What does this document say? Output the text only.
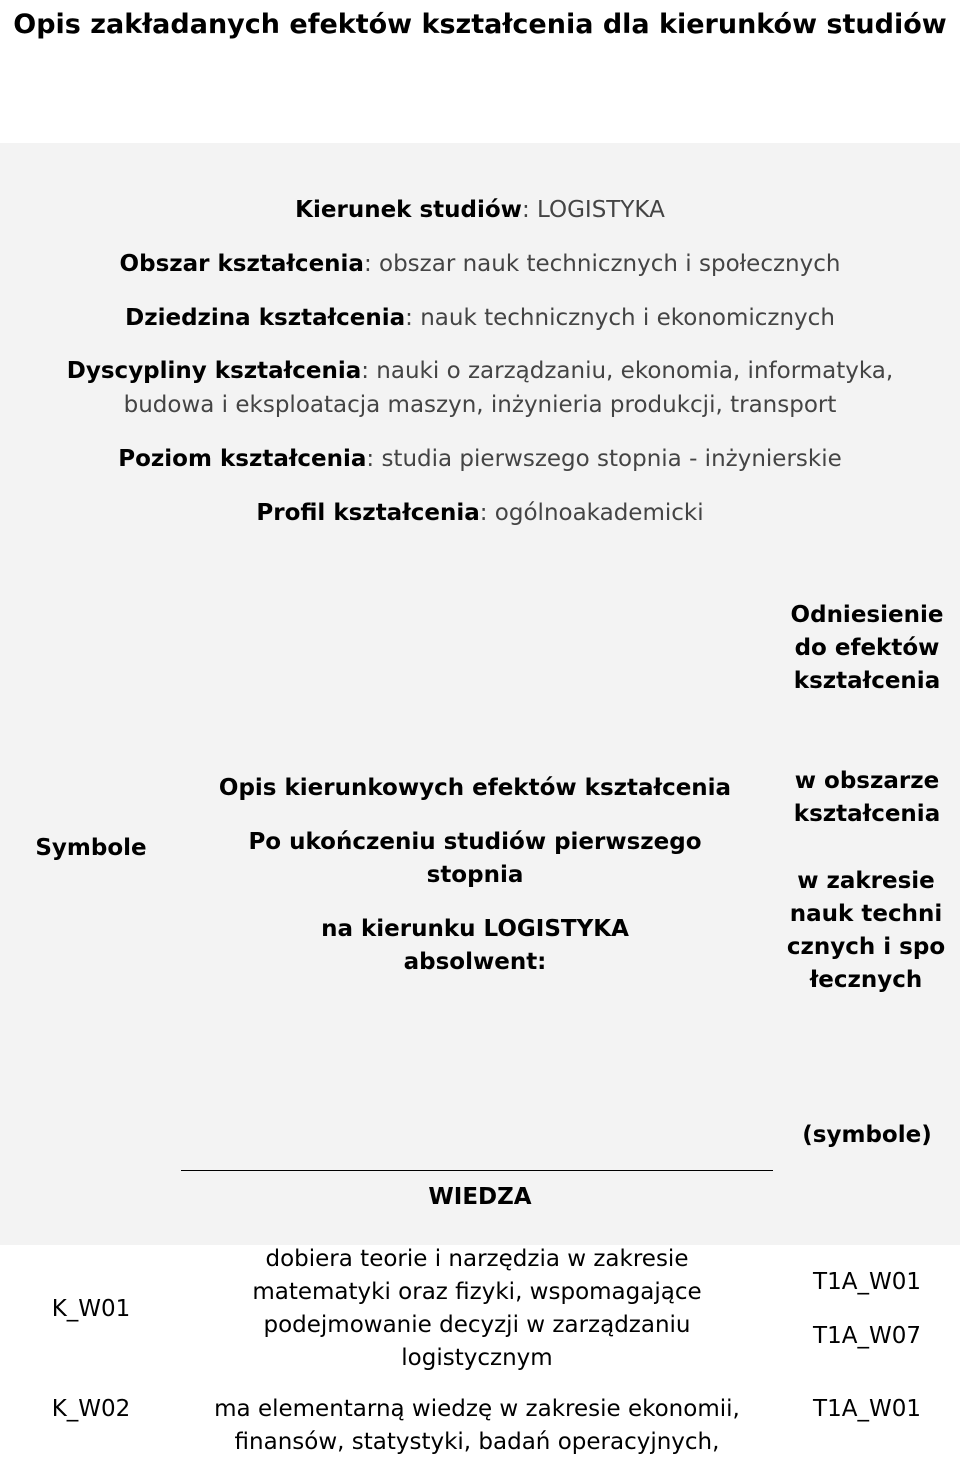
Opis zakładanych efektów kształcenia dla kierunków studiów
Kierunek studiów: LOGISTYKA
Obszar kształcenia: obszar nauk technicznych i społecznych
Dziedzina kształcenia: nauk technicznych i ekonomicznych
Dyscypliny kształcenia: nauki o zarządzaniu, ekonomia, informatyka,
budowa i eksploatacja maszyn, inżynieria produkcji, transport
Poziom kształcenia: studia pierwszego stopnia - inżynierskie
Profil kształcenia: ogólnoakademicki
Symbole
Opis kierunkowych efektów kształcenia
Po ukończeniu studiów pierwszego stopnia
na kierunku LOGISTYKA absolwent:
Odniesienie do efektów kształcenia
w obszarze kształcenia
w zakresie nauk technicznych i społecznych
(symbole)
WIEDZA
K_W01
dobiera teorie i narzędzia w zakresie matematyki oraz fizyki, wspomagające podejmowanie decyzji w zarządzaniu logistycznym
T1A_W01
T1A_W07
K_W02	ma elementarną wiedzę w zakresie ekonomii, finansów, statystyki, badań operacyjnych,
T1A_W01
